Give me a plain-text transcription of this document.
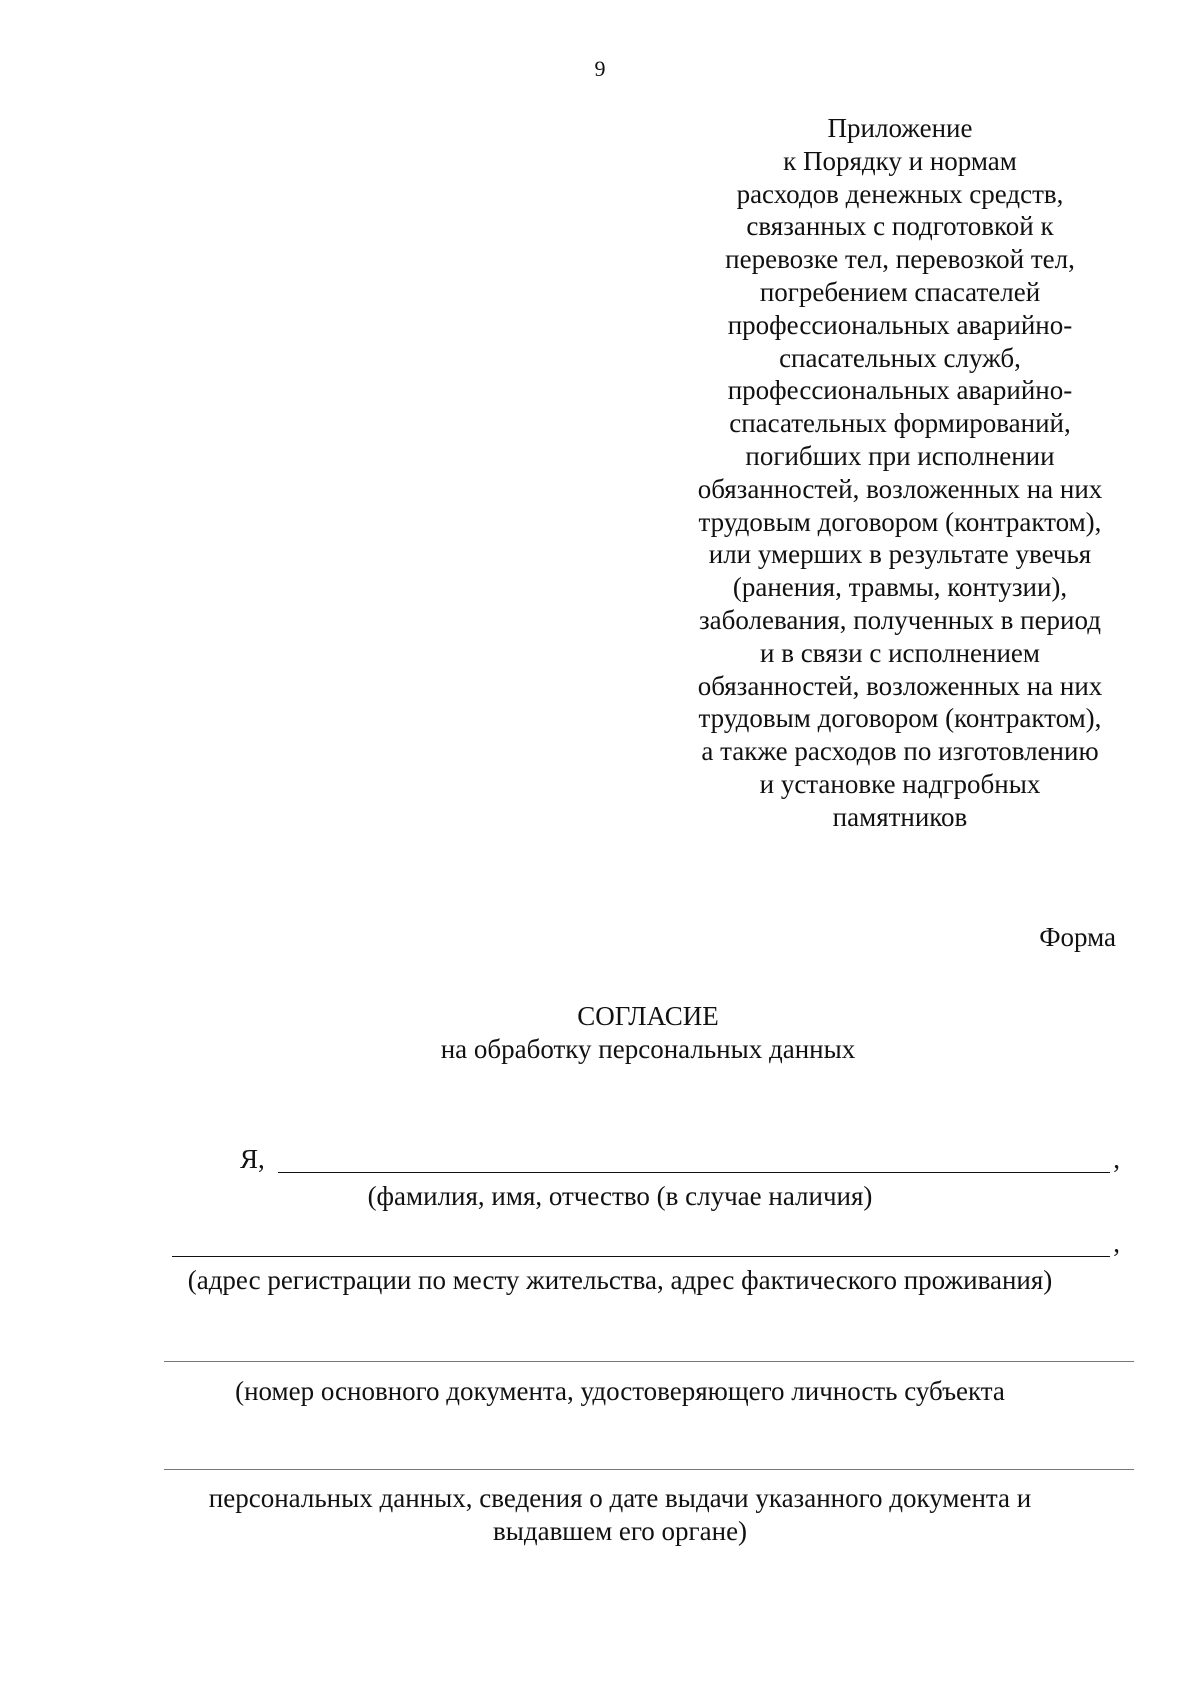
9
Приложение
к Порядку и нормам
расходов денежных средств,
связанных с подготовкой к
перевозке тел, перевозкой тел,
погребением спасателей
профессиональных аварийно-
спасательных служб,
профессиональных аварийно-
спасательных формирований,
погибших при исполнении
обязанностей, возложенных на них
трудовым договором (контрактом),
или умерших в результате увечья
(ранения, травмы, контузии),
заболевания, полученных в период
и в связи с исполнением
обязанностей, возложенных на них
трудовым договором (контрактом),
а также расходов по изготовлению
и установке надгробных
памятников
Форма
СОГЛАСИЕ
на обработку персональных данных
Я,	,
(фамилия, имя, отчество (в случае наличия)
,
(адрес регистрации по месту жительства, адрес фактического проживания)
(номер основного документа, удостоверяющего личность субъекта
персональных данных, сведения о дате выдачи указанного документа и
выдавшем его органе)
